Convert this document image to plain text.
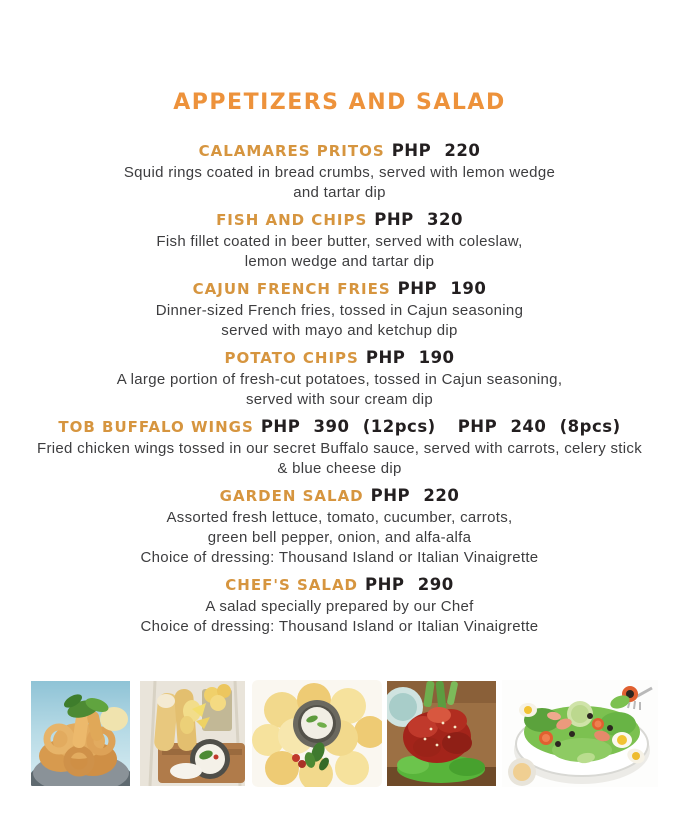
APPETIZERS AND SALAD
CALAMARES PRITOS PHP 220
Squid rings coated in bread crumbs, served with lemon wedge
and tartar dip
FISH AND CHIPS PHP 320
Fish fillet coated in beer butter, served with coleslaw,
lemon wedge and tartar dip
CAJUN FRENCH FRIES PHP 190
Dinner-sized French fries, tossed in Cajun seasoning
served with mayo and ketchup dip
POTATO CHIPS PHP 190
A large portion of fresh-cut potatoes, tossed in Cajun seasoning,
served with sour cream dip
TOB BUFFALO WINGS PHP 390 (12pcs) PHP 240 (8pcs)
Fried chicken wings tossed in our secret Buffalo sauce, served with carrots, celery stick
& blue cheese dip
GARDEN SALAD PHP 220
Assorted fresh lettuce, tomato, cucumber, carrots,
green bell pepper, onion, and alfa-alfa
Choice of dressing: Thousand Island or Italian Vinaigrette
CHEF'S SALAD PHP 290
A salad specially prepared by our Chef
Choice of dressing: Thousand Island or Italian Vinaigrette
